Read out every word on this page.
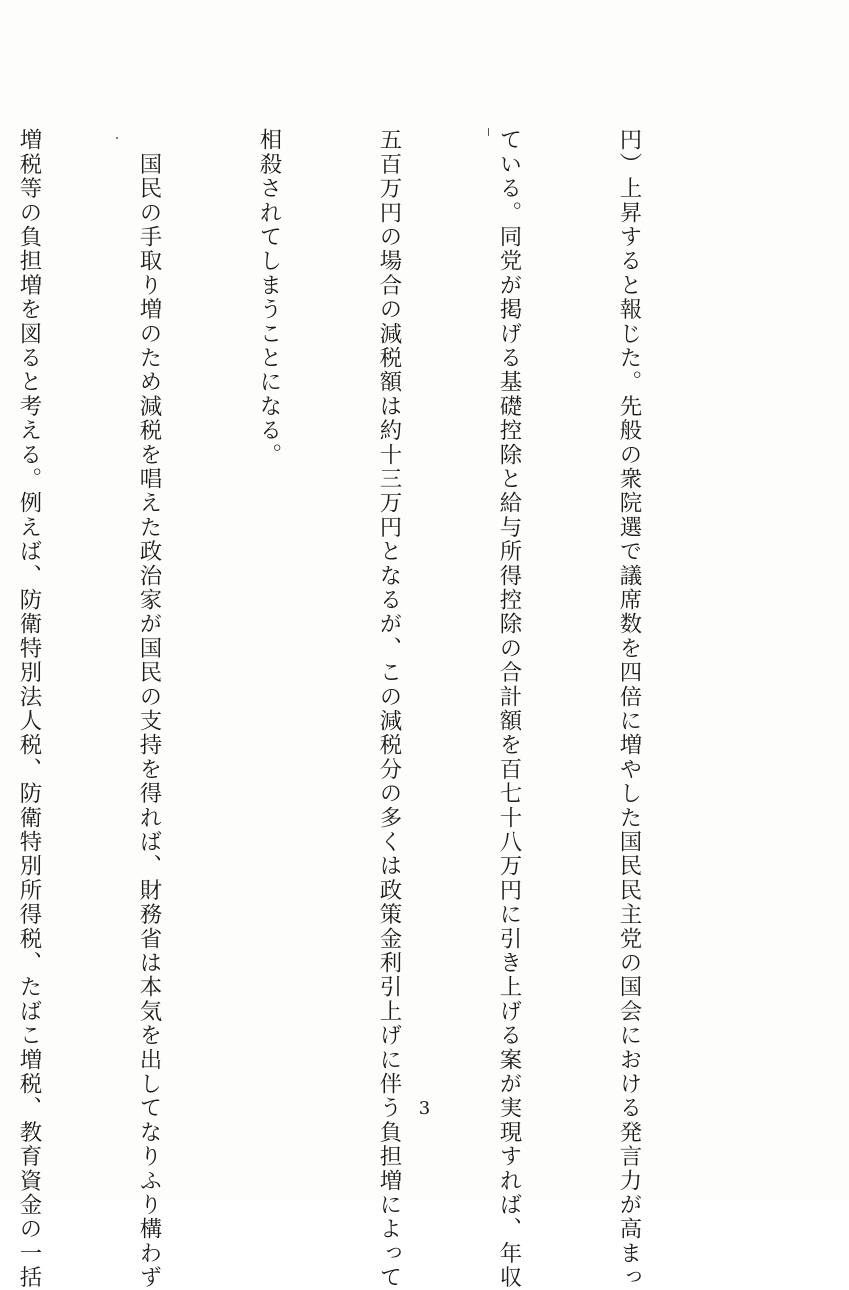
円）上昇すると報じた。先般の衆院選で議席数を四倍に増やした国民民主党の国会における発言力が高まっ

ている。同党が掲げる基礎控除と給与所得控除の合計額を百七十八万円に引き上げる案が実現すれば、年収

五百万円の場合の減税額は約十三万円となるが、この減税分の多くは政策金利引上げに伴う負担増によって

相殺されてしまうことになる。

　国民の手取り増のため減税を唱えた政治家が国民の支持を得れば、財務省は本気を出してなりふり構わず

増税等の負担増を図ると考える。例えば、防衛特別法人税、防衛特別所得税、たばこ増税、教育資金の一括

	3
